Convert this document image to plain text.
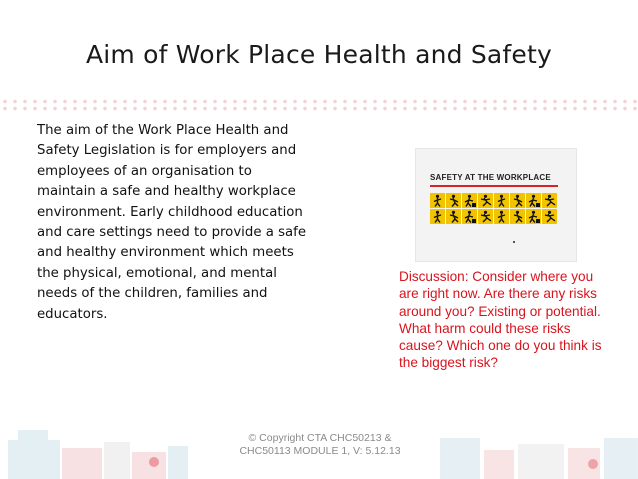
Aim of Work Place Health and Safety

The aim of the Work Place Health and Safety Legislation is for employers and employees of an organisation to maintain a safe and healthy workplace environment. Early childhood education and care settings need to provide a safe and healthy environment which meets the physical, emotional, and mental needs of the children, families and educators.

SAFETY AT THE WORKPLACE
Discussion: Consider where you are right now. Are there any risks around you? Existing or potential. What harm could these risks cause? Which one do you think is the biggest risk?
© Copyright CTA CHC50213 &
CHC50113 MODULE 1, V: 5.12.13
